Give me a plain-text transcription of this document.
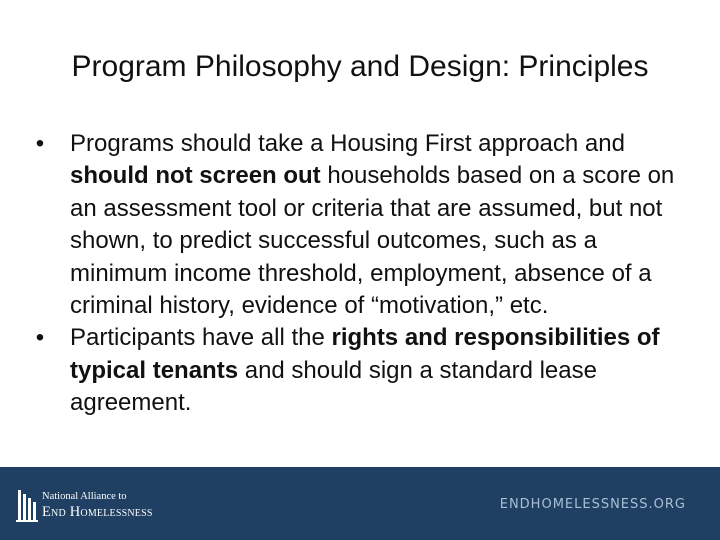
Program Philosophy and Design: Principles
• Programs should take a Housing First approach and should not screen out households based on a score on an assessment tool or criteria that are assumed, but not shown, to predict successful outcomes, such as a minimum income threshold, employment, absence of a criminal history, evidence of “motivation,” etc.
• Participants have all the rights and responsibilities of typical tenants and should sign a standard lease agreement.
National Alliance to
End Homelessness	ENDHOMELESSNESS.ORG
